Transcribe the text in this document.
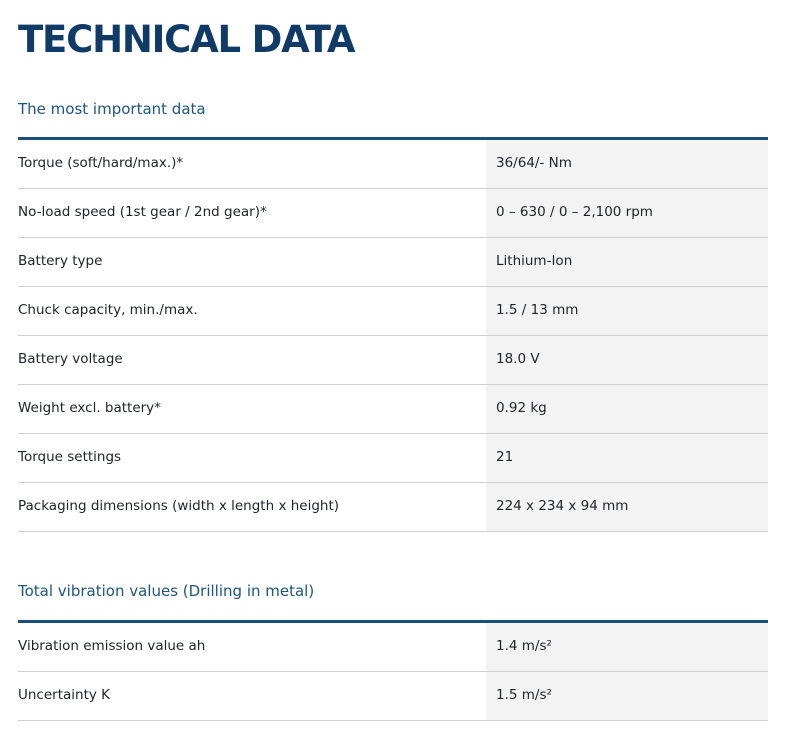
TECHNICAL DATA
The most important data
Torque (soft/hard/max.)*	36/64/- Nm
No-load speed (1st gear / 2nd gear)*	0 – 630 / 0 – 2,100 rpm
Battery type	Lithium-Ion
Chuck capacity, min./max.	1.5 / 13 mm
Battery voltage	18.0 V
Weight excl. battery*	0.92 kg
Torque settings	21
Packaging dimensions (width x length x height)	224 x 234 x 94 mm
Total vibration values (Drilling in metal)
Vibration emission value ah	1.4 m/s²
Uncertainty K	1.5 m/s²
